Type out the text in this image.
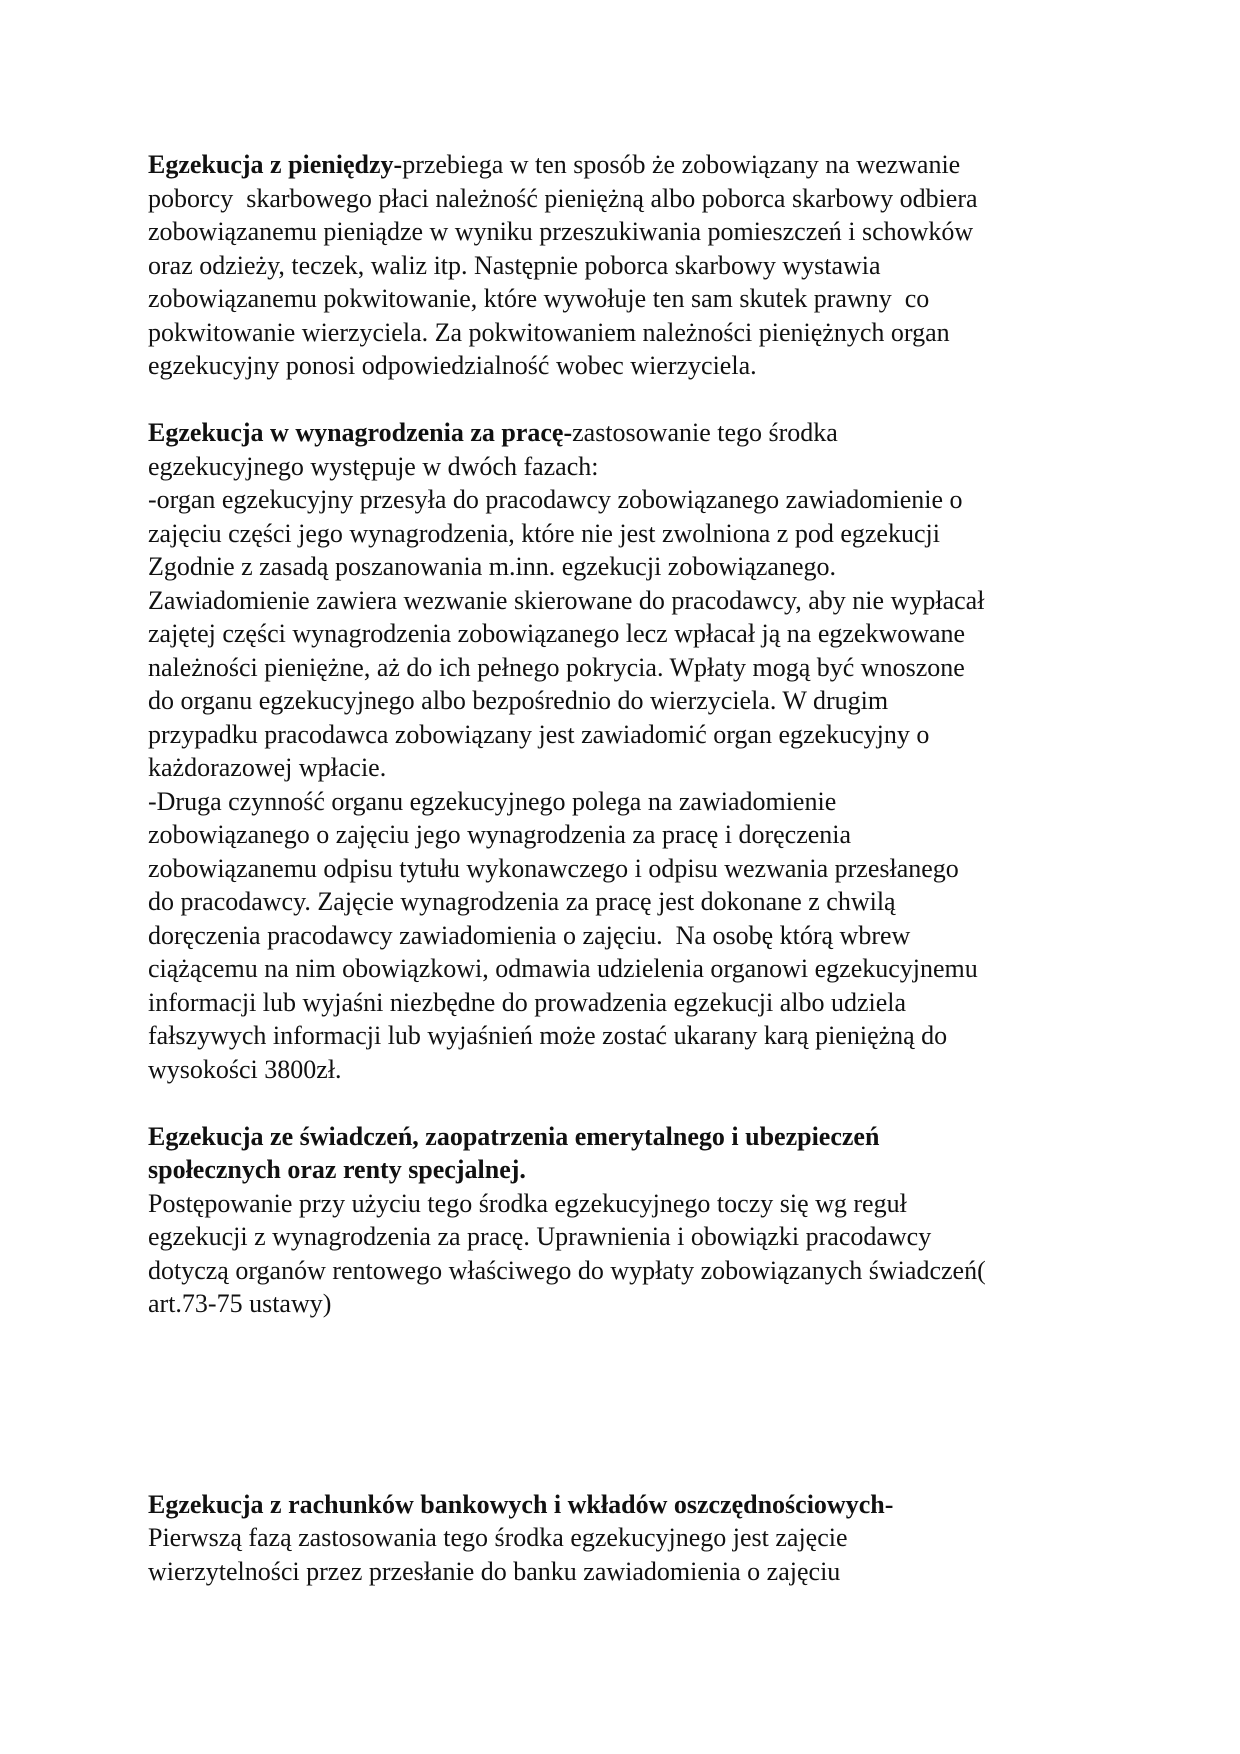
Egzekucja z pieniędzy-przebiega w ten sposób że zobowiązany na wezwanie
poborcy  skarbowego płaci należność pieniężną albo poborca skarbowy odbiera
zobowiązanemu pieniądze w wyniku przeszukiwania pomieszczeń i schowków
oraz odzieży, teczek, waliz itp. Następnie poborca skarbowy wystawia
zobowiązanemu pokwitowanie, które wywołuje ten sam skutek prawny  co
pokwitowanie wierzyciela. Za pokwitowaniem należności pieniężnych organ
egzekucyjny ponosi odpowiedzialność wobec wierzyciela.
Egzekucja w wynagrodzenia za pracę-zastosowanie tego środka
egzekucyjnego występuje w dwóch fazach:
-organ egzekucyjny przesyła do pracodawcy zobowiązanego zawiadomienie o
zajęciu części jego wynagrodzenia, które nie jest zwolniona z pod egzekucji
Zgodnie z zasadą poszanowania m.inn. egzekucji zobowiązanego.
Zawiadomienie zawiera wezwanie skierowane do pracodawcy, aby nie wypłacał
zajętej części wynagrodzenia zobowiązanego lecz wpłacał ją na egzekwowane
należności pieniężne, aż do ich pełnego pokrycia. Wpłaty mogą być wnoszone
do organu egzekucyjnego albo bezpośrednio do wierzyciela. W drugim
przypadku pracodawca zobowiązany jest zawiadomić organ egzekucyjny o
każdorazowej wpłacie.
-Druga czynność organu egzekucyjnego polega na zawiadomienie
zobowiązanego o zajęciu jego wynagrodzenia za pracę i doręczenia
zobowiązanemu odpisu tytułu wykonawczego i odpisu wezwania przesłanego
do pracodawcy. Zajęcie wynagrodzenia za pracę jest dokonane z chwilą
doręczenia pracodawcy zawiadomienia o zajęciu.  Na osobę którą wbrew
ciążącemu na nim obowiązkowi, odmawia udzielenia organowi egzekucyjnemu
informacji lub wyjaśni niezbędne do prowadzenia egzekucji albo udziela
fałszywych informacji lub wyjaśnień może zostać ukarany karą pieniężną do
wysokości 3800zł.
Egzekucja ze świadczeń, zaopatrzenia emerytalnego i ubezpieczeń
społecznych oraz renty specjalnej.
Postępowanie przy użyciu tego środka egzekucyjnego toczy się wg reguł
egzekucji z wynagrodzenia za pracę. Uprawnienia i obowiązki pracodawcy
dotyczą organów rentowego właściwego do wypłaty zobowiązanych świadczeń(
art.73-75 ustawy)
Egzekucja z rachunków bankowych i wkładów oszczędnościowych-
Pierwszą fazą zastosowania tego środka egzekucyjnego jest zajęcie
wierzytelności przez przesłanie do banku zawiadomienia o zajęciu
